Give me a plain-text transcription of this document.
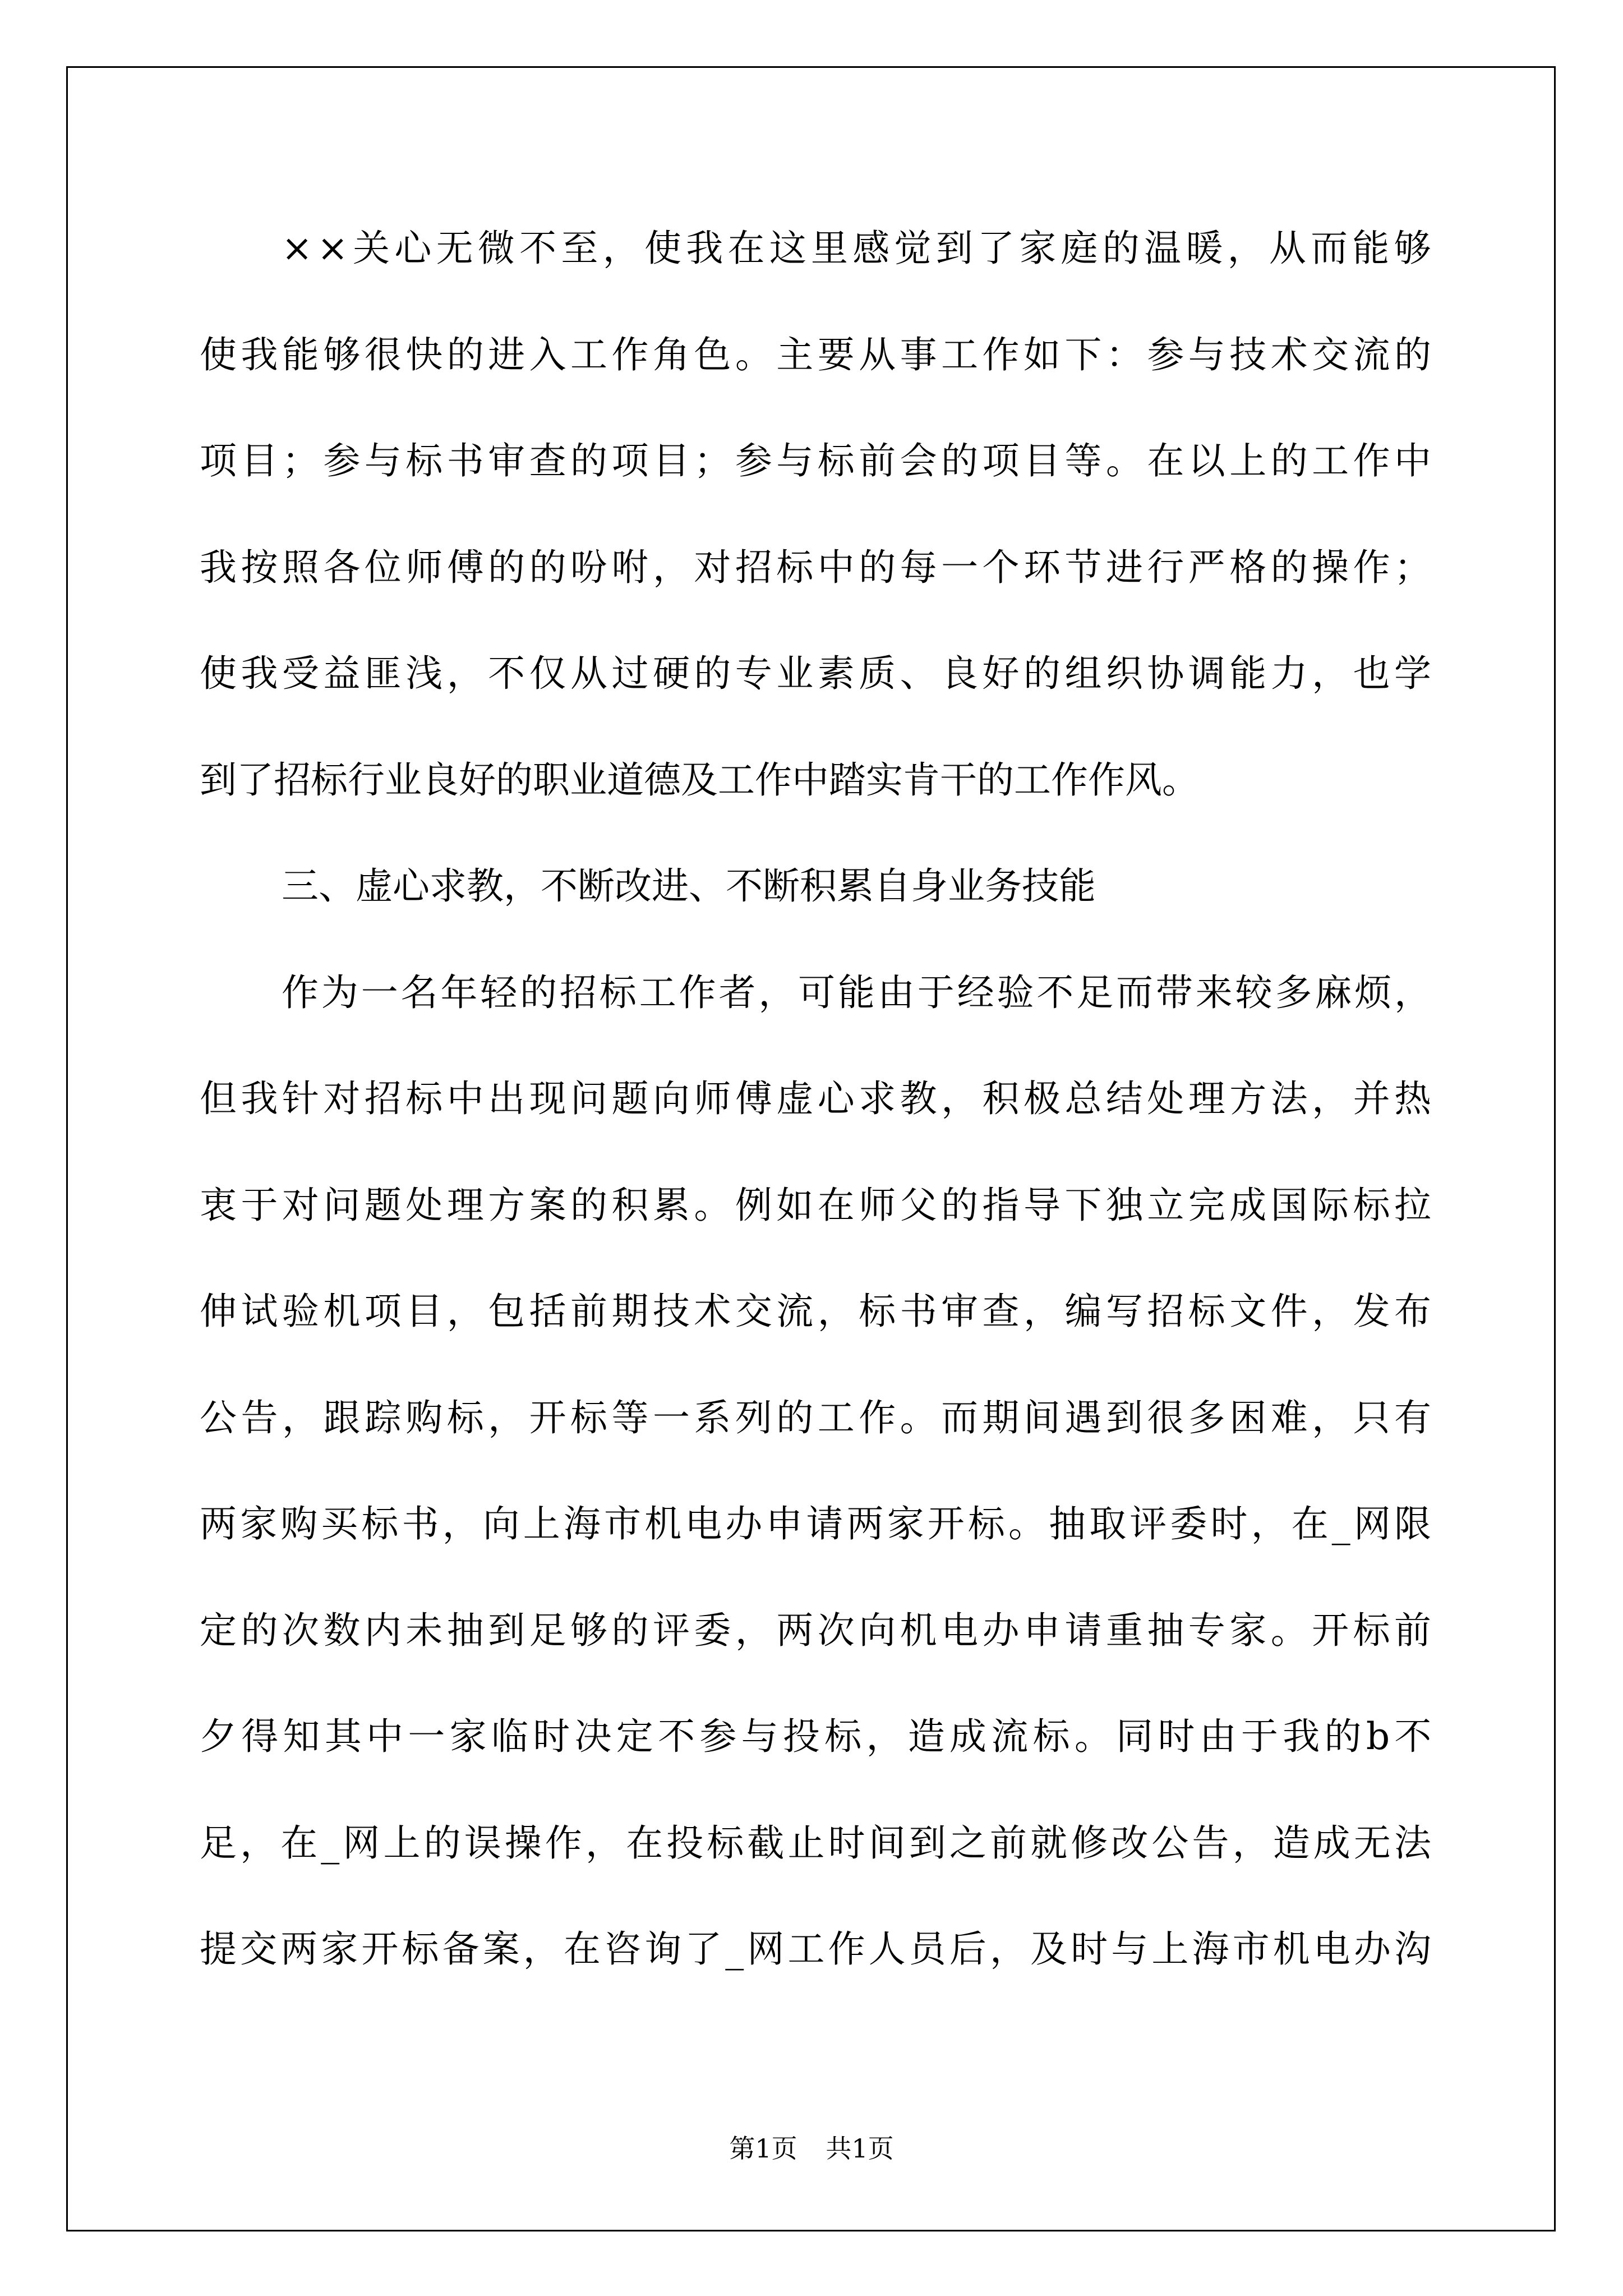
××关心无微不至，使我在这里感觉到了家庭的温暖，从而能够
使我能够很快的进入工作角色。主要从事工作如下：参与技术交流的
项目；参与标书审查的项目；参与标前会的项目等。在以上的工作中
我按照各位师傅的的吩咐，对招标中的每一个环节进行严格的操作；
使我受益匪浅，不仅从过硬的专业素质、良好的组织协调能力，也学
到了招标行业良好的职业道德及工作中踏实肯干的工作作风。
三、虚心求教，不断改进、不断积累自身业务技能
作为一名年轻的招标工作者，可能由于经验不足而带来较多麻烦，
但我针对招标中出现问题向师傅虚心求教，积极总结处理方法，并热
衷于对问题处理方案的积累。例如在师父的指导下独立完成国际标拉
伸试验机项目，包括前期技术交流，标书审查，编写招标文件，发布
公告，跟踪购标，开标等一系列的工作。而期间遇到很多困难，只有
两家购买标书，向上海市机电办申请两家开标。抽取评委时，在_网限
定的次数内未抽到足够的评委，两次向机电办申请重抽专家。开标前
夕得知其中一家临时决定不参与投标，造成流标。同时由于我的b不
足，在_网上的误操作，在投标截止时间到之前就修改公告，造成无法
提交两家开标备案，在咨询了_网工作人员后，及时与上海市机电办沟
第1页 共1页
